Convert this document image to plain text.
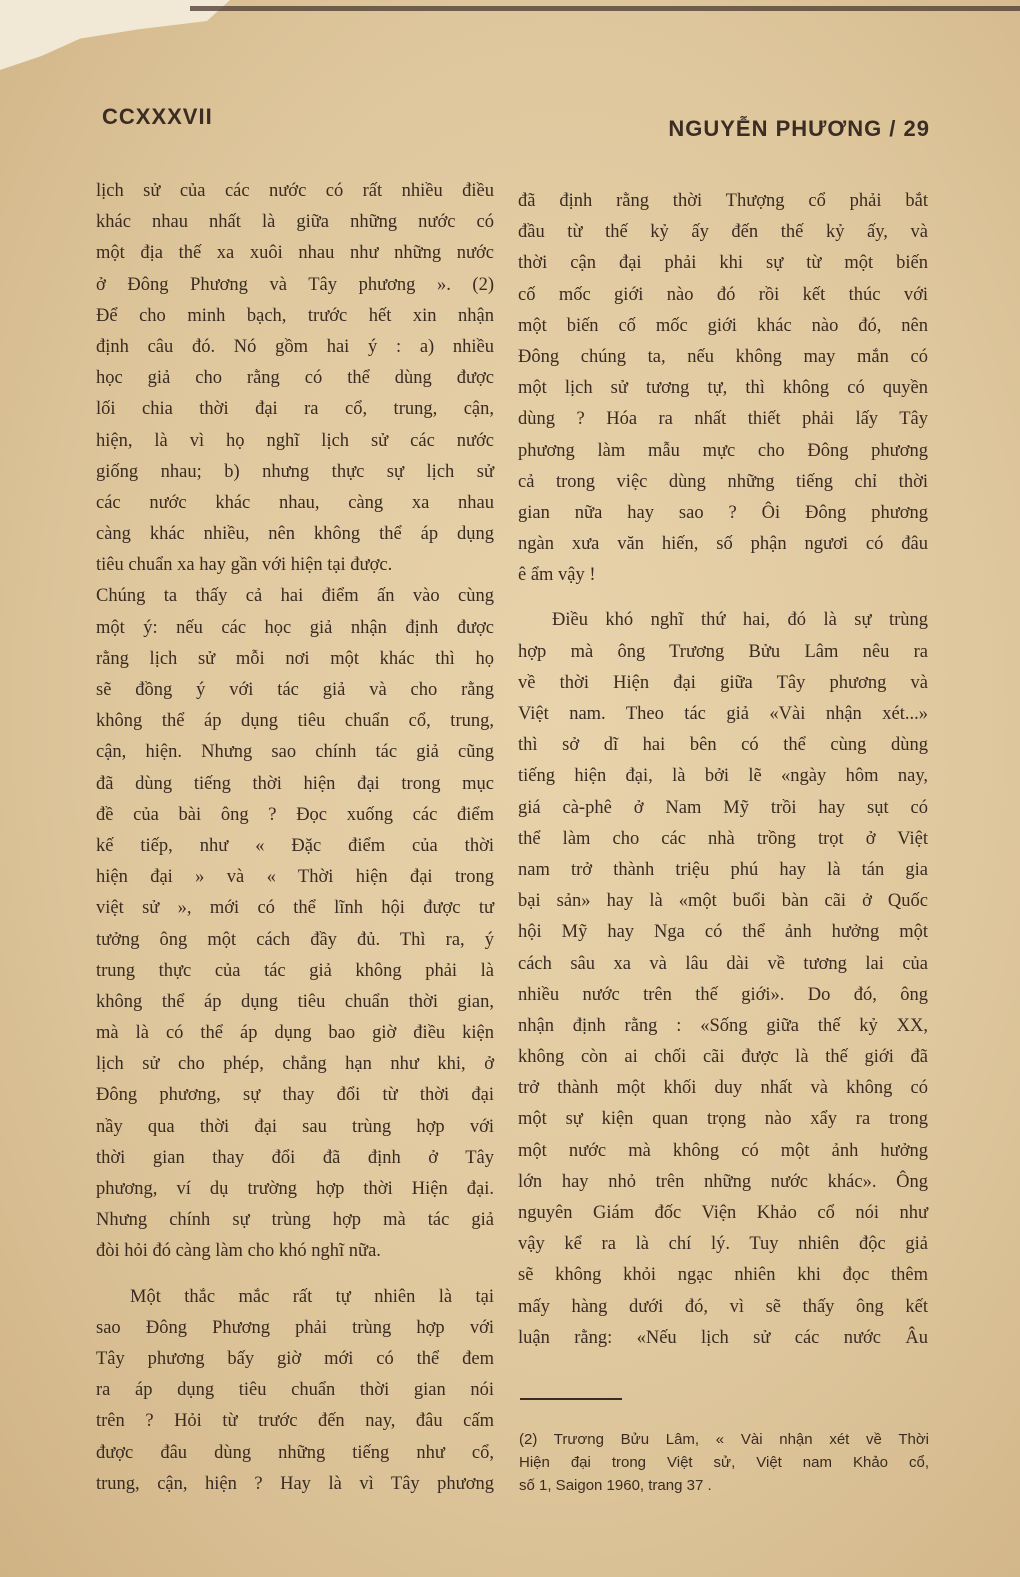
CCXXXVII	NGUYỄN PHƯƠNG / 29
lịch sử của các nước có rất nhiều điều
khác nhau nhất là giữa những nước có
một địa thế xa xuôi nhau như những nước
ở Đông Phương và Tây phương ». (2)
Để cho minh bạch, trước hết xin nhận
định câu đó. Nó gồm hai ý : a) nhiều
học giả cho rằng có thể dùng được
lối chia thời đại ra cổ, trung, cận,
hiện, là vì họ nghĩ lịch sử các nước
giống nhau; b) nhưng thực sự lịch sử
các nước khác nhau, càng xa nhau
càng khác nhiều, nên không thể áp dụng
tiêu chuẩn xa hay gần với hiện tại được.
Chúng ta thấy cả hai điểm ấn vào cùng
một ý: nếu các học giả nhận định được
rằng lịch sử mỗi nơi một khác thì họ
sẽ đồng ý với tác giả và cho rằng
không thể áp dụng tiêu chuẩn cổ, trung,
cận, hiện. Nhưng sao chính tác giả cũng
đã dùng tiếng thời hiện đại trong mục
đề của bài ông ? Đọc xuống các điểm
kế tiếp, như « Đặc điểm của thời
hiện đại » và « Thời hiện đại trong
việt sử », mới có thể lĩnh hội được tư
tưởng ông một cách đầy đủ. Thì ra, ý
trung thực của tác giả không phải là
không thể áp dụng tiêu chuẩn thời gian,
mà là có thể áp dụng bao giờ điều kiện
lịch sử cho phép, chẳng hạn như khi, ở
Đông phương, sự thay đổi từ thời đại
nầy qua thời đại sau trùng hợp với
thời gian thay đổi đã định ở Tây
phương, ví dụ trường hợp thời Hiện đại.
Nhưng chính sự trùng hợp mà tác giả
đòi hỏi đó càng làm cho khó nghĩ nữa.
Một thắc mắc rất tự nhiên là tại
sao Đông Phương phải trùng hợp với
Tây phương bấy giờ mới có thể đem
ra áp dụng tiêu chuẩn thời gian nói
trên ? Hỏi từ trước đến nay, đâu cấm
được đâu dùng những tiếng như cổ,
trung, cận, hiện ? Hay là vì Tây phương
đã định rằng thời Thượng cổ phải bắt
đầu từ thế kỷ ấy đến thế kỷ ấy, và
thời cận đại phải khi sự từ một biến
cố mốc giới nào đó rồi kết thúc với
một biến cố mốc giới khác nào đó, nên
Đông chúng ta, nếu không may mắn có
một lịch sử tương tự, thì không có quyền
dùng ? Hóa ra nhất thiết phải lấy Tây
phương làm mẫu mực cho Đông phương
cả trong việc dùng những tiếng chỉ thời
gian nữa hay sao ? Ôi Đông phương
ngàn xưa văn hiến, số phận ngươi có đâu
ê ẩm vậy !
Điều khó nghĩ thứ hai, đó là sự trùng
hợp mà ông Trương Bửu Lâm nêu ra
về thời Hiện đại giữa Tây phương và
Việt nam. Theo tác giả «Vài nhận xét...»
thì sở dĩ hai bên có thể cùng dùng
tiếng hiện đại, là bởi lẽ «ngày hôm nay,
giá cà-phê ở Nam Mỹ trồi hay sụt có
thể làm cho các nhà trồng trọt ở Việt
nam trở thành triệu phú hay là tán gia
bại sản» hay là «một buổi bàn cãi ở Quốc
hội Mỹ hay Nga có thể ảnh hưởng một
cách sâu xa và lâu dài về tương lai của
nhiều nước trên thế giới». Do đó, ông
nhận định rằng : «Sống giữa thế kỷ XX,
không còn ai chối cãi được là thế giới đã
trở thành một khối duy nhất và không có
một sự kiện quan trọng nào xẩy ra trong
một nước mà không có một ảnh hưởng
lớn hay nhỏ trên những nước khác». Ông
nguyên Giám đốc Viện Khảo cổ nói như
vậy kể ra là chí lý. Tuy nhiên độc giả
sẽ không khỏi ngạc nhiên khi đọc thêm
mấy hàng dưới đó, vì sẽ thấy ông kết
luận rằng: «Nếu lịch sử các nước Âu
(2) Trương Bửu Lâm, « Vài nhận xét về Thời
Hiện đại trong Việt sử, Việt nam Khảo cổ,
số 1, Saigon 1960, trang 37 .
